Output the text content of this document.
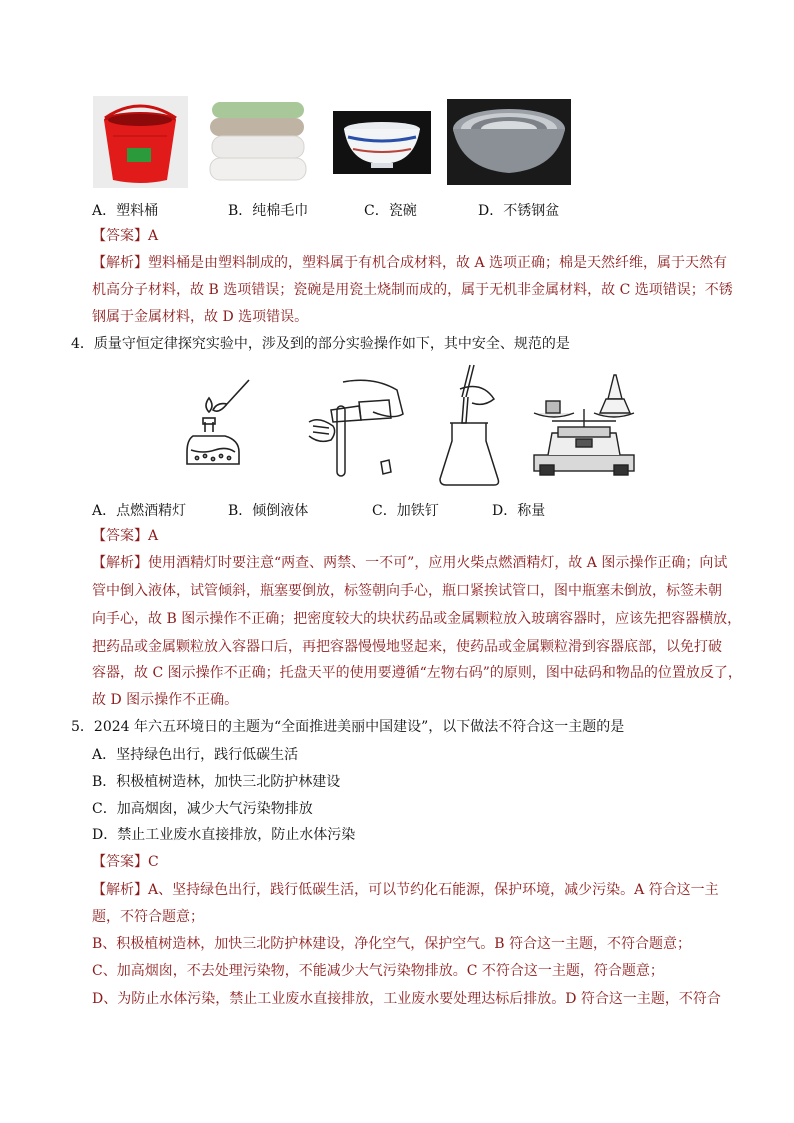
A．塑料桶	B．纯棉毛巾	C．瓷碗	D．不锈钢盆
【答案】A
【解析】塑料桶是由塑料制成的，塑料属于有机合成材料，故 A 选项正确；棉是天然纤维，属于天然有
机高分子材料，故 B 选项错误；瓷碗是用瓷土烧制而成的，属于无机非金属材料，故 C 选项错误；不锈
钢属于金属材料，故 D 选项错误。
4．质量守恒定律探究实验中，涉及到的部分实验操作如下，其中安全、规范的是
A．点燃酒精灯	B．倾倒液体	C．加铁钉	D．称量
【答案】A
【解析】使用酒精灯时要注意“两查、两禁、一不可”，应用火柴点燃酒精灯，故 A 图示操作正确；向试
管中倒入液体，试管倾斜，瓶塞要倒放，标签朝向手心，瓶口紧挨试管口，图中瓶塞未倒放，标签未朝
向手心，故 B 图示操作不正确；把密度较大的块状药品或金属颗粒放入玻璃容器时，应该先把容器横放，
把药品或金属颗粒放入容器口后，再把容器慢慢地竖起来，使药品或金属颗粒滑到容器底部，以免打破
容器，故 C 图示操作不正确；托盘天平的使用要遵循“左物右码”的原则，图中砝码和物品的位置放反了，
故 D 图示操作不正确。
5．2024 年六五环境日的主题为“全面推进美丽中国建设”，以下做法不符合这一主题的是
A．坚持绿色出行，践行低碳生活
B．积极植树造林，加快三北防护林建设
C．加高烟囱，减少大气污染物排放
D．禁止工业废水直接排放，防止水体污染
【答案】C
【解析】A、坚持绿色出行，践行低碳生活，可以节约化石能源，保护环境，减少污染。A 符合这一主
题，不符合题意；
B、积极植树造林，加快三北防护林建设，净化空气，保护空气。B 符合这一主题，不符合题意；
C、加高烟囱，不去处理污染物，不能减少大气污染物排放。C 不符合这一主题，符合题意；
D、为防止水体污染，禁止工业废水直接排放，工业废水要处理达标后排放。D 符合这一主题，不符合
